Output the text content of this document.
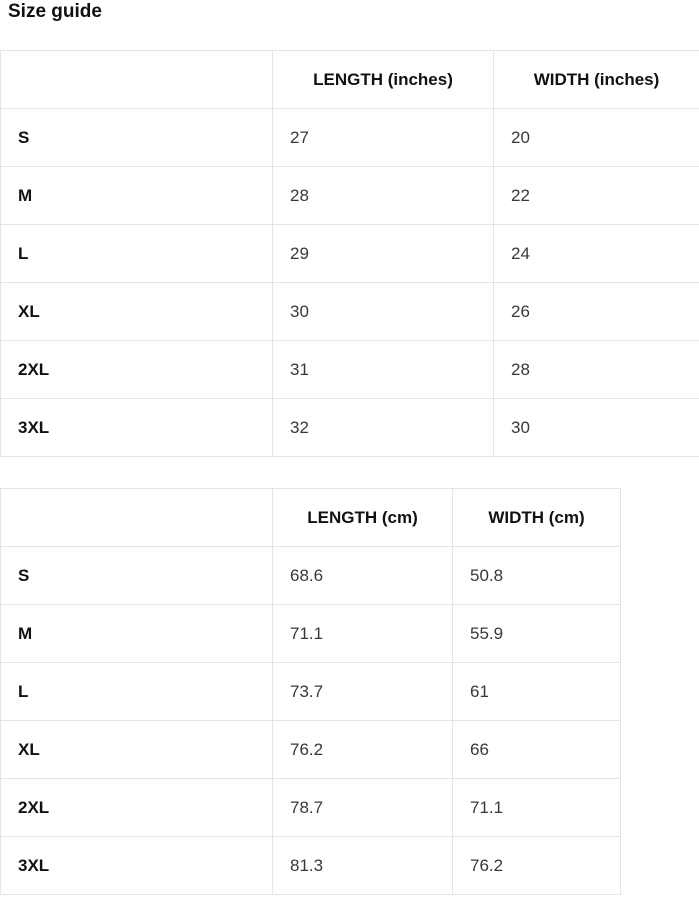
Size guide
	LENGTH (inches)	WIDTH (inches)
S	27	20
M	28	22
L	29	24
XL	30	26
2XL	31	28
3XL	32	30
	LENGTH (cm)	WIDTH (cm)
S	68.6	50.8
M	71.1	55.9
L	73.7	61
XL	76.2	66
2XL	78.7	71.1
3XL	81.3	76.2
